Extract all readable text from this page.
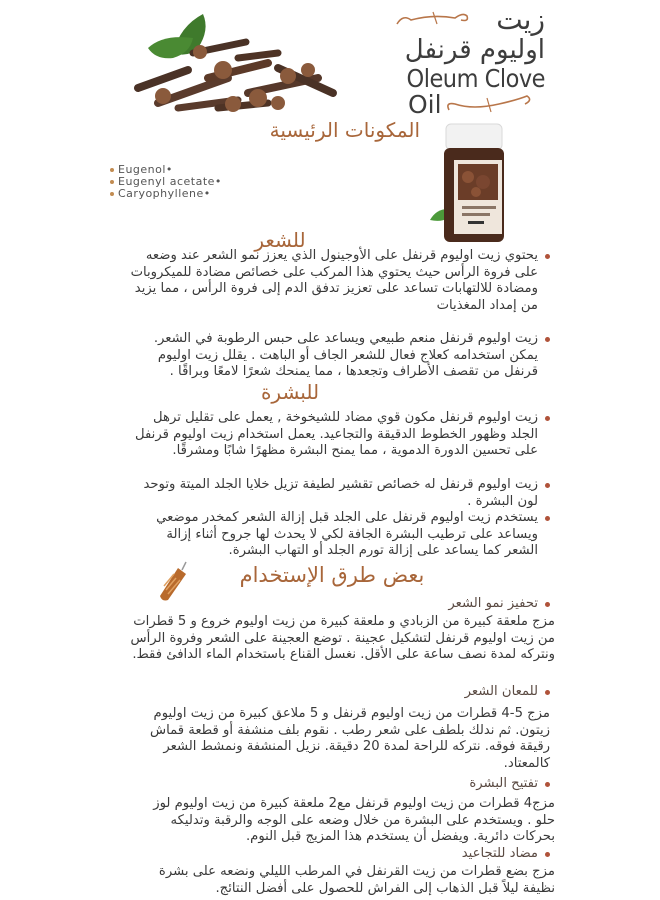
زيت
اوليوم قرنفل
Oleum Clove
Oil
المكونات الرئيسية
Eugenol•
Eugenyl acetate•
Caryophyllene•
للشعر
يحتوي زيت اوليوم قرنفل على الأوجينول الذي يعزز نمو الشعر عند وضعه على فروة الرأس حيث يحتوي هذا المركب على خصائص مضادة للميكروبات ومضادة للالتهابات تساعد على تعزيز تدفق الدم إلى فروة الرأس ، مما يزيد من إمداد المغذيات
زيت اوليوم قرنفل منعم طبيعي ويساعد على حبس الرطوبة في الشعر. يمكن استخدامه كعلاج فعال للشعر الجاف أو الباهت . يقلل زيت اوليوم قرنفل من تقصف الأطراف وتجعدها ، مما يمنحك شعرًا لامعًا وبراقًا .
للبشرة
زيت اوليوم قرنفل مكون قوي مضاد للشيخوخة , يعمل على تقليل ترهل الجلد وظهور الخطوط الدقيقة والتجاعيد. يعمل استخدام زيت اوليوم قرنفل على تحسين الدورة الدموية ، مما يمنح البشرة مظهرًا شابًا ومشرقًا.
زيت اوليوم قرنفل له خصائص تقشير لطيفة تزيل خلايا الجلد الميتة وتوحد لون البشرة .
يستخدم زيت اوليوم قرنفل على الجلد قبل إزالة الشعر كمخدر موضعي ويساعد على ترطيب البشرة الجافة لكي لا يحدث لها جروح أثناء إزالة الشعر كما يساعد على إزالة تورم الجلد أو التهاب البشرة.
بعض طرق الإستخدام
تحفيز نمو الشعر
مزج ملعقة كبيرة من الزبادي و ملعقة كبيرة من زيت اوليوم خروع و 5 قطرات من زيت اوليوم قرنفل لتشكيل عجينة . توضع العجينة على الشعر وفروة الرأس ونتركه لمدة نصف ساعة على الأقل. نغسل القناع باستخدام الماء الدافئ فقط.
للمعان الشعر
مزج 5-4 قطرات من زيت اوليوم قرنفل و 5 ملاعق كبيرة من زيت اوليوم زيتون. ثم ندلك بلطف على شعر رطب . نقوم بلف منشفة أو قطعة قماش رقيقة فوقه. نتركه للراحة لمدة 20 دقيقة. نزيل المنشفة ونمشط الشعر كالمعتاد.
تفتيح البشرة
مزج4 قطرات من زيت اوليوم قرنفل مع2 ملعقة كبيرة من زيت اوليوم لوز حلو . ويستخدم على البشرة من خلال وضعه على الوجه والرقبة وتدليكه بحركات دائرية. ويفضل أن يستخدم هذا المزيج قبل النوم.
مضاد للتجاعيد
مزج بضع قطرات من زيت القرنفل في المرطب الليلي ونضعه على بشرة نظيفة ليلاً قبل الذهاب إلى الفراش للحصول على أفضل النتائج.
